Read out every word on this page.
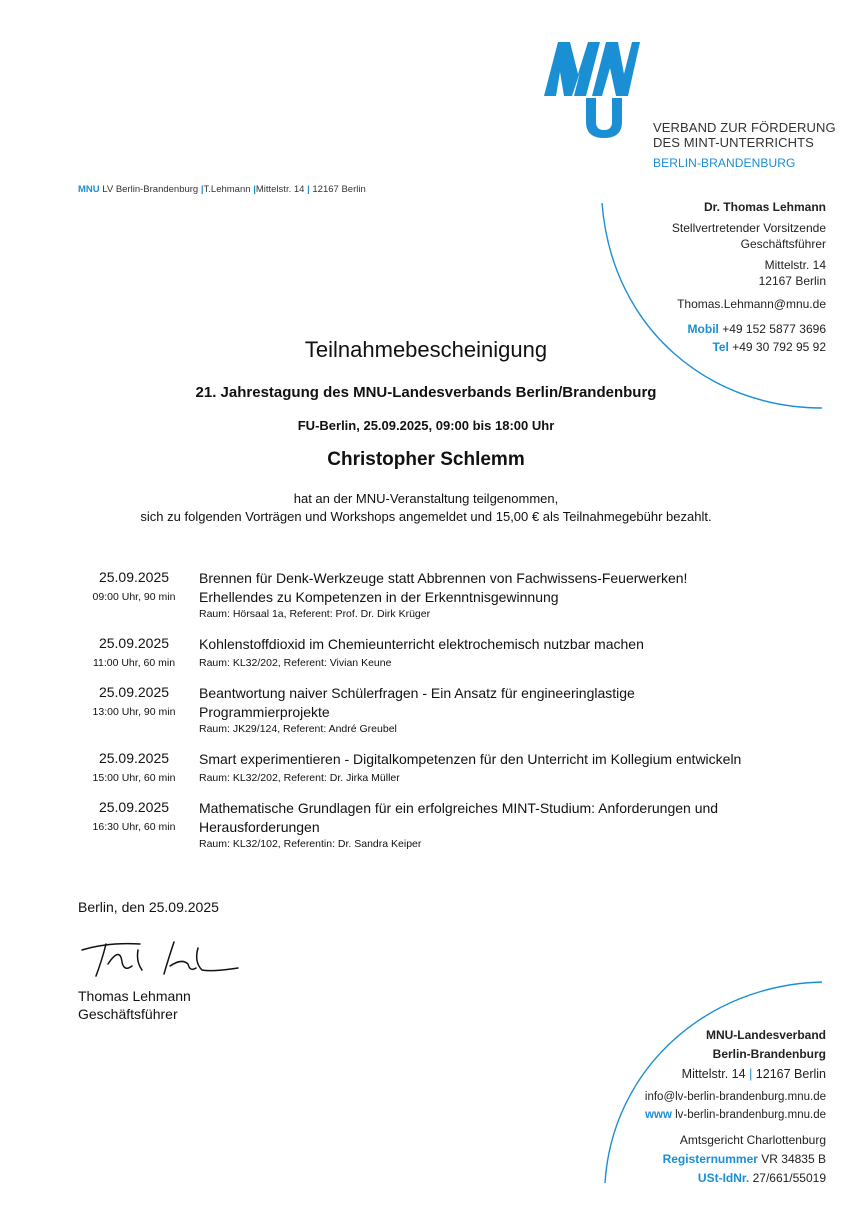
VERBAND ZUR FÖRDERUNG
DES MINT-UNTERRICHTS
BERLIN-BRANDENBURG
MNU LV Berlin-Brandenburg |T.Lehmann |Mittelstr. 14 | 12167 Berlin
Dr. Thomas Lehmann
Stellvertretender Vorsitzende
Geschäftsführer
Mittelstr. 14
12167 Berlin
Thomas.Lehmann@mnu.de
Mobil +49 152 5877 3696
Tel +49 30 792 95 92
Teilnahmebescheinigung
21. Jahrestagung des MNU-Landesverbands Berlin/Brandenburg
FU-Berlin, 25.09.2025, 09:00 bis 18:00 Uhr
Christopher Schlemm
hat an der MNU-Veranstaltung teilgenommen,
sich zu folgenden Vorträgen und Workshops angemeldet und 15,00 € als Teilnahmegebühr bezahlt.
25.09.2025
09:00 Uhr, 90 min
Brennen für Denk-Werkzeuge statt Abbrennen von Fachwissens-Feuerwerken!
Erhellendes zu Kompetenzen in der Erkenntnisgewinnung
Raum: Hörsaal 1a, Referent: Prof. Dr. Dirk Krüger
25.09.2025
11:00 Uhr, 60 min
Kohlenstoffdioxid im Chemieunterricht elektrochemisch nutzbar machen
Raum: KL32/202, Referent: Vivian Keune
25.09.2025
13:00 Uhr, 90 min
Beantwortung naiver Schülerfragen - Ein Ansatz für engineeringlastige
Programmierprojekte
Raum: JK29/124, Referent: André Greubel
25.09.2025
15:00 Uhr, 60 min
Smart experimentieren - Digitalkompetenzen für den Unterricht im Kollegium entwickeln
Raum: KL32/202, Referent: Dr. Jirka Müller
25.09.2025
16:30 Uhr, 60 min
Mathematische Grundlagen für ein erfolgreiches MINT-Studium: Anforderungen und
Herausforderungen
Raum: KL32/102, Referentin: Dr. Sandra Keiper
Berlin, den 25.09.2025
Thomas Lehmann
Geschäftsführer
MNU-Landesverband
Berlin-Brandenburg
Mittelstr. 14 | 12167 Berlin
info@lv-berlin-brandenburg.mnu.de
www lv-berlin-brandenburg.mnu.de
Amtsgericht Charlottenburg
Registernummer VR 34835 B
USt-IdNr. 27/661/55019
